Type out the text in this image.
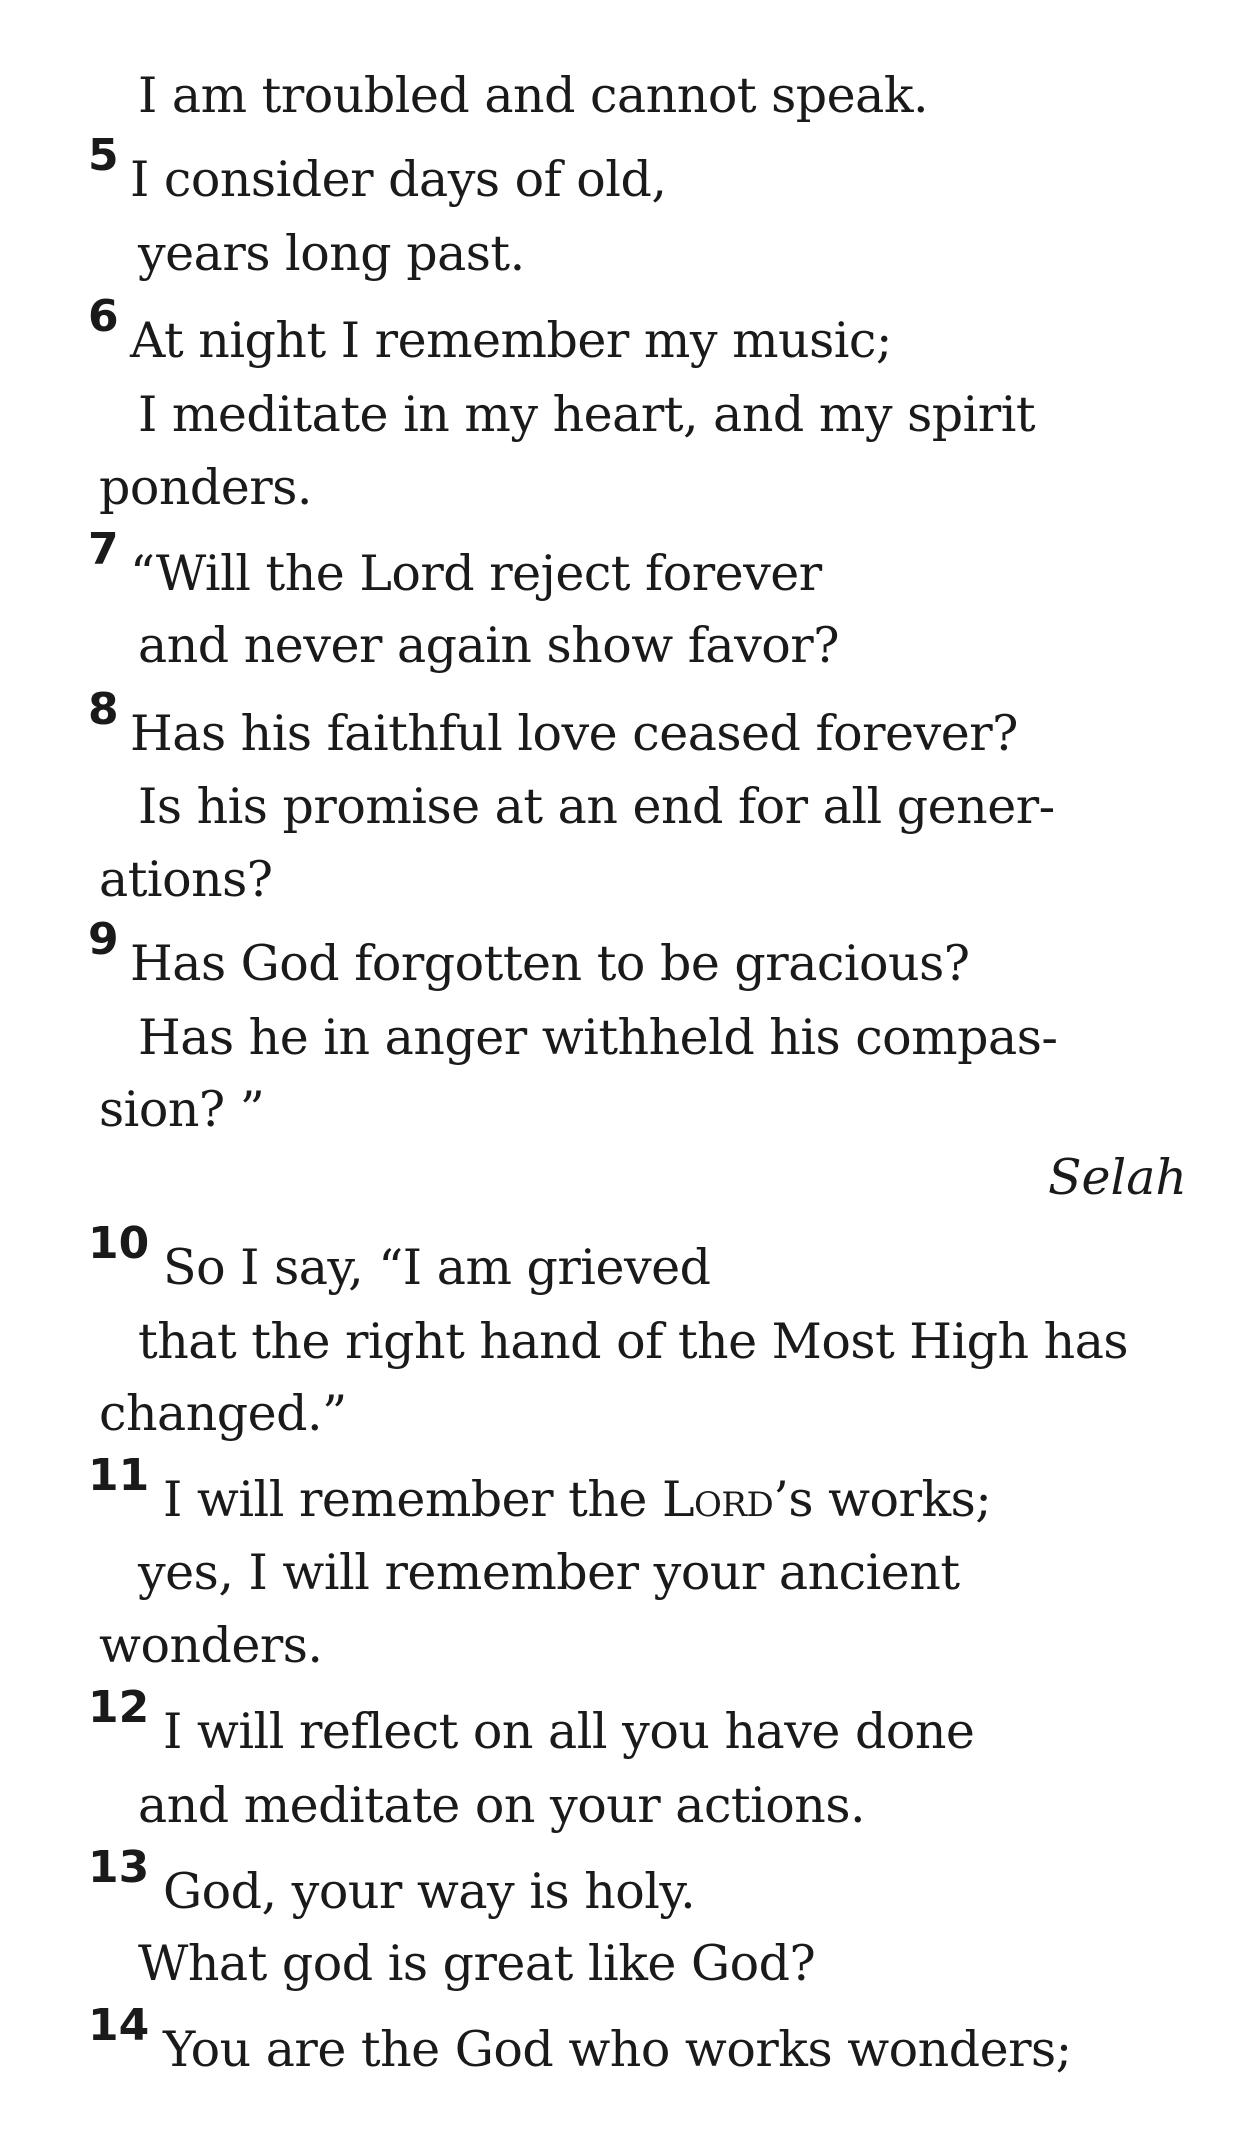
I am troubled and cannot speak.
5 I consider days of old,
years long past.
6 At night I remember my music;
I meditate in my heart, and my spirit
ponders.
7 “Will the Lord reject forever
and never again show favor?
8 Has his faithful love ceased forever?
Is his promise at an end for all gener-
ations?
9 Has God forgotten to be gracious?
Has he in anger withheld his compas-
sion? ”
Selah
10 So I say, “I am grieved
that the right hand of the Most High has
changed.”
11 I will remember the Lord’s works;
yes, I will remember your ancient
wonders.
12 I will reflect on all you have done
and meditate on your actions.
13 God, your way is holy.
What god is great like God?
14 You are the God who works wonders;
